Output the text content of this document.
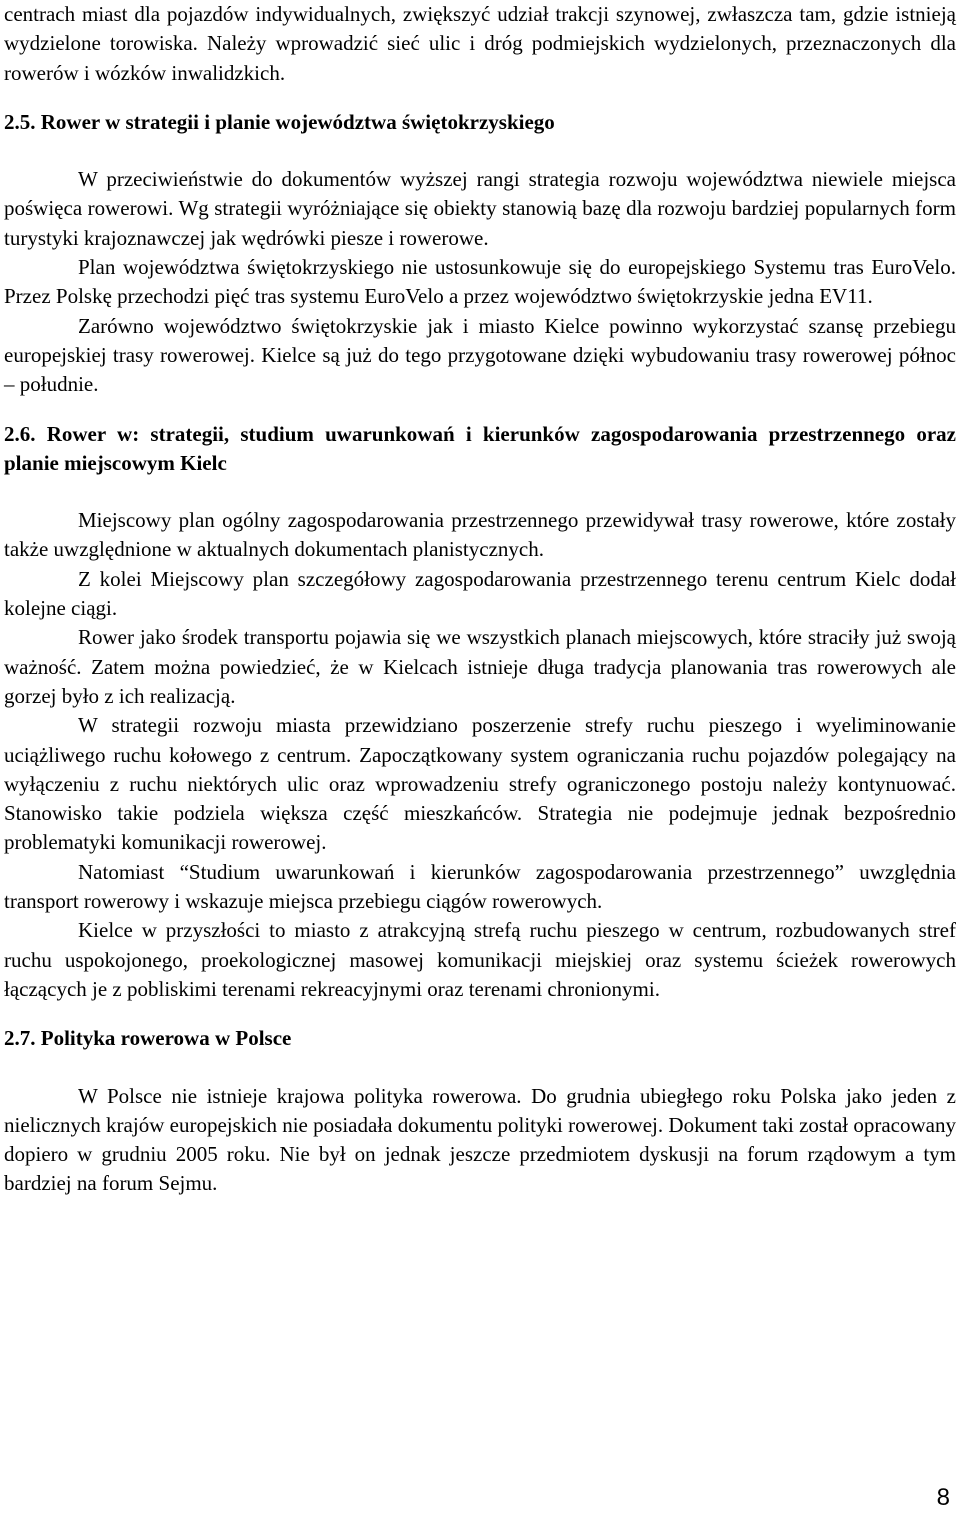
centrach miast dla pojazdów indywidualnych, zwiększyć udział trakcji szynowej, zwłaszcza tam, gdzie istnieją wydzielone torowiska. Należy wprowadzić sieć ulic i dróg podmiejskich wydzielonych, przeznaczonych dla rowerów i wózków inwalidzkich.

2.5. Rower w strategii i planie województwa świętokrzyskiego

W przeciwieństwie do dokumentów wyższej rangi strategia rozwoju województwa niewiele miejsca poświęca rowerowi. Wg strategii wyróżniające się obiekty stanowią bazę dla rozwoju bardziej popularnych form turystyki krajoznawczej jak wędrówki piesze i rowerowe.

Plan województwa świętokrzyskiego nie ustosunkowuje się do europejskiego Systemu tras EuroVelo. Przez Polskę przechodzi pięć tras systemu EuroVelo a przez województwo świętokrzyskie jedna EV11.

Zarówno województwo świętokrzyskie jak i miasto Kielce powinno wykorzystać szansę przebiegu europejskiej trasy rowerowej. Kielce są już do tego przygotowane dzięki wybudowaniu trasy rowerowej północ – południe.

2.6. Rower w: strategii, studium uwarunkowań i kierunków zagospodarowania przestrzennego oraz planie miejscowym Kielc

Miejscowy plan ogólny zagospodarowania przestrzennego przewidywał trasy rowerowe, które zostały także uwzględnione w aktualnych dokumentach planistycznych.

Z kolei Miejscowy plan szczegółowy zagospodarowania przestrzennego terenu centrum Kielc dodał kolejne ciągi.

Rower jako środek transportu pojawia się we wszystkich planach miejscowych, które straciły już swoją ważność. Zatem można powiedzieć, że w Kielcach istnieje długa tradycja planowania tras rowerowych ale gorzej było z ich realizacją.

W strategii rozwoju miasta przewidziano poszerzenie strefy ruchu pieszego i wyeliminowanie uciążliwego ruchu kołowego z centrum. Zapoczątkowany system ograniczania ruchu pojazdów polegający na wyłączeniu z ruchu niektórych ulic oraz wprowadzeniu strefy ograniczonego postoju należy kontynuować. Stanowisko takie podziela większa część mieszkańców. Strategia nie podejmuje jednak bezpośrednio problematyki komunikacji rowerowej.

Natomiast “Studium uwarunkowań i kierunków zagospodarowania przestrzennego” uwzględnia transport rowerowy i wskazuje miejsca przebiegu ciągów rowerowych.

Kielce w przyszłości to miasto z atrakcyjną strefą ruchu pieszego w centrum, rozbudowanych stref ruchu uspokojonego, proekologicznej masowej komunikacji miejskiej oraz systemu ścieżek rowerowych łączących je z pobliskimi terenami rekreacyjnymi oraz terenami chronionymi.

2.7. Polityka rowerowa w Polsce

W Polsce nie istnieje krajowa polityka rowerowa. Do grudnia ubiegłego roku Polska jako jeden z nielicznych krajów europejskich nie posiadała dokumentu polityki rowerowej. Dokument taki został opracowany dopiero w grudniu 2005 roku. Nie był on jednak jeszcze przedmiotem dyskusji na forum rządowym a tym bardziej na forum Sejmu.

8
